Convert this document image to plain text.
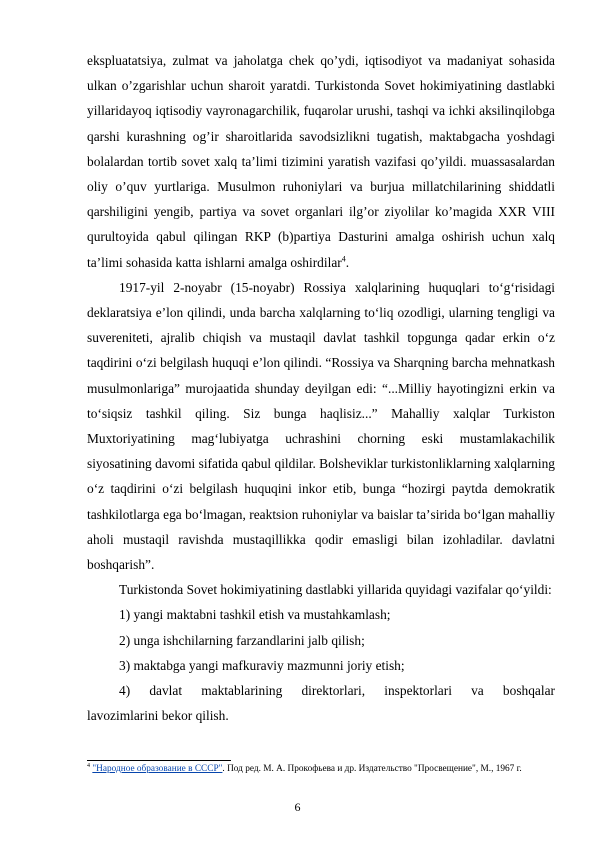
ekspluatatsiya, zulmat va jaholatga chek qo’ydi, iqtisodiyot va madaniyat sohasida ulkan o’zgarishlar uchun sharoit yaratdi. Turkistonda Sovet hokimiyatining dastlabki yillaridayoq iqtisodiy vayronagarchilik, fuqarolar urushi, tashqi va ichki aksilinqilobga qarshi kurashning og’ir sharoitlarida savodsizlikni tugatish, maktabgacha yoshdagi bolalardan tortib sovet xalq ta’limi tizimini yaratish vazifasi qo’yildi. muassasalardan oliy o’quv yurtlariga. Musulmon ruhoniylari va burjua millatchilarining shiddatli qarshiligini yengib, partiya va sovet organlari ilg’or ziyolilar ko’magida XXR VIII qurultoyida qabul qilingan RKP (b)partiya Dasturini amalga oshirish uchun xalq ta’limi sohasida katta ishlarni amalga oshirdilar$^4$.

1917-yil 2-noyabr (15-noyabr) Rossiya xalqlarining huquqlari toʻgʻrisidagi deklaratsiya e’lon qilindi, unda barcha xalqlarning toʻliq ozodligi, ularning tengligi va suvereniteti, ajralib chiqish va mustaqil davlat tashkil topgunga qadar erkin oʻz taqdirini oʻzi belgilash huquqi e’lon qilindi. “Rossiya va Sharqning barcha mehnatkash musulmonlariga” murojaatida shunday deyilgan edi: “...Milliy hayotingizni erkin va toʻsiqsiz tashkil qiling. Siz bunga haqlisiz...” Mahalliy xalqlar Turkiston Muxtoriyatining magʻlubiyatga uchrashini chorning eski mustamlakachilik siyosatining davomi sifatida qabul qildilar. Bolsheviklar turkistonliklarning xalqlarning oʻz taqdirini oʻzi belgilash huquqini inkor etib, bunga “hozirgi paytda demokratik tashkilotlarga ega boʻlmagan, reaktsion ruhoniylar va baislar taʼsirida boʻlgan mahalliy aholi mustaqil ravishda mustaqillikka qodir emasligi bilan izohladilar. davlatni boshqarish”.

Turkistonda Sovet hokimiyatining dastlabki yillarida quyidagi vazifalar qoʻyildi:

1) yangi maktabni tashkil etish va mustahkamlash;

2) unga ishchilarning farzandlarini jalb qilish;

3) maktabga yangi mafkuraviy mazmunni joriy etish;

4) davlat maktablarining direktorlari, inspektorlari va boshqalar

lavozimlarini bekor qilish.

$^4$ "Народное образование в СССР". Под ред. М. А. Прокофьева и др. Издательство "Просвещение", М., 1967 г.
6
